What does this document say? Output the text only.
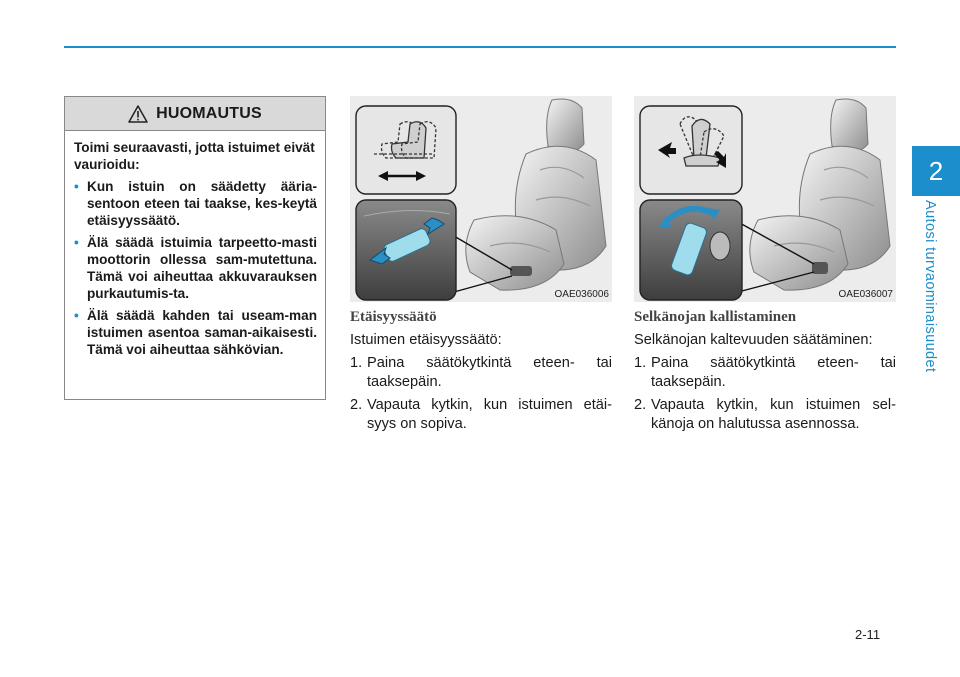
2
Autosi turvaominaisuudet
HUOMAUTUS

Toimi seuraavasti, jotta istuimet eivät vaurioidu:

• Kun istuin on säädetty ääria-sentoon eteen tai taakse, kes-keytä etäisyyssäätö.
• Älä säädä istuimia tarpeetto-masti moottorin ollessa sam-mutettuna. Tämä voi aiheuttaa akkuvarauksen purkautumis-ta.
• Älä säädä kahden tai useam-man istuimen asentoa saman-aikaisesti. Tämä voi aiheuttaa sähkövian.
OAE036006	OAE036007
Etäisyyssäätö

Istuimen etäisyyssäätö:

1. Paina säätökytkintä eteen- tai taaksepäin.
2. Vapauta kytkin, kun istuimen etäi-syys on sopiva.
Selkänojan kallistaminen

Selkänojan kaltevuuden säätäminen:

1. Paina säätökytkintä eteen- tai taaksepäin.
2. Vapauta kytkin, kun istuimen sel-känoja on halutussa asennossa.
2-11
